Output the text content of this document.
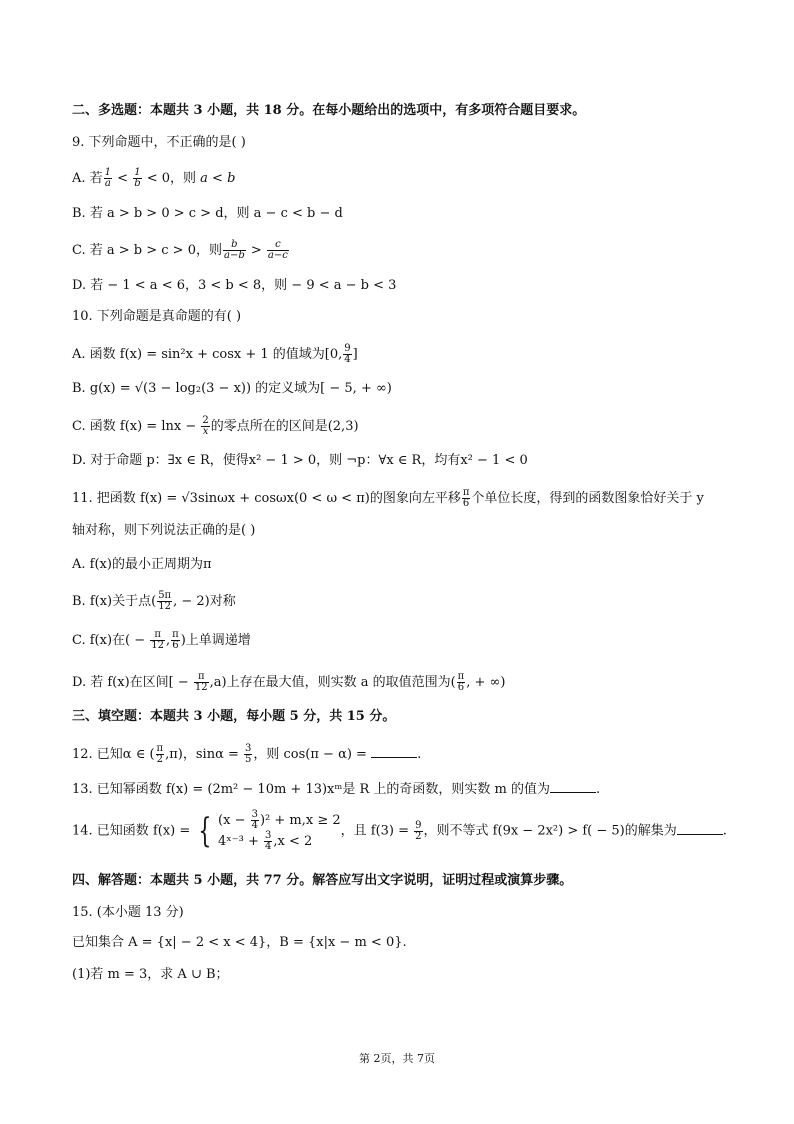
二、多选题：本题共 3 小题，共 18 分。在每小题给出的选项中，有多项符合题目要求。
9. 下列命题中，不正确的是( )
A. 若 $\frac{1}{a} < \frac{1}{b} < 0$，则 a < b
B. 若 a > b > 0 > c > d，则 a − c < b − d
C. 若 a > b > c > 0，则 $\frac{b}{a-b} > \frac{c}{a-c}$
D. 若 − 1 < a < 6，3 < b < 8，则 − 9 < a − b < 3
10. 下列命题是真命题的有( )
A. 函数 f(x) = sin²x + cosx + 1 的值域为[0, $\frac{9}{4}$ ]
B. g(x) = √(3 − log₂(3 − x)) 的定义域为[ − 5, + ∞)
C. 函数 $f(x) = \ln x - \frac{2}{x}$ 的零点所在的区间是(2,3)
D. 对于命题 p：∃x ∈ R，使得x² − 1 > 0，则 ¬p：∀x ∈ R，均有x² − 1 < 0
11. 把函数 f(x) = √3sinωx + cosωx(0 < ω < π)的图象向左平移 $\frac{\pi}{6}$ 个单位长度，得到的函数图象恰好关于 y
轴对称，则下列说法正确的是( )
A. f(x)的最小正周期为π
B. f(x)关于点( $\frac{5\pi}{12}$ , − 2)对称
C. f(x)在( − $\frac{\pi}{12}$ , $\frac{\pi}{6}$ )上单调递增
D. 若 f(x)在区间[ − $\frac{\pi}{12} ,a$)上存在最大值，则实数 a 的取值范围为( $\frac{\pi}{6}$ , + ∞)
三、填空题：本题共 3 小题，每小题 5 分，共 15 分。
12. 已知α ∈ ( $\frac{\pi}{2} ,\pi$)，$\sin\alpha = \frac{3}{5}$ ，则 cos(π − α) =	.
13. 已知幂函数 f(x) = (2m² − 10m + 13)xᵐ是 R 上的奇函数，则实数 m 的值为	.
14. 已知函数 f(x) = { $(x - \frac{3}{4} )^2 + m,x \ge 2$
4ˣ⁻³ + $\frac{3}{4} ,x < 2$
，且 $f(3) = \frac{9}{2}$ ，则不等式 f(9x − 2x²) > f( − 5)的解集为	.
四、解答题：本题共 5 小题，共 77 分。解答应写出文字说明，证明过程或演算步骤。
15. (本小题 13 分)
已知集合 A = {x| − 2 < x < 4}，B = {x|x − m < 0}.
(1)若 m = 3，求 A ∪ B；
第 2页，共 7页
